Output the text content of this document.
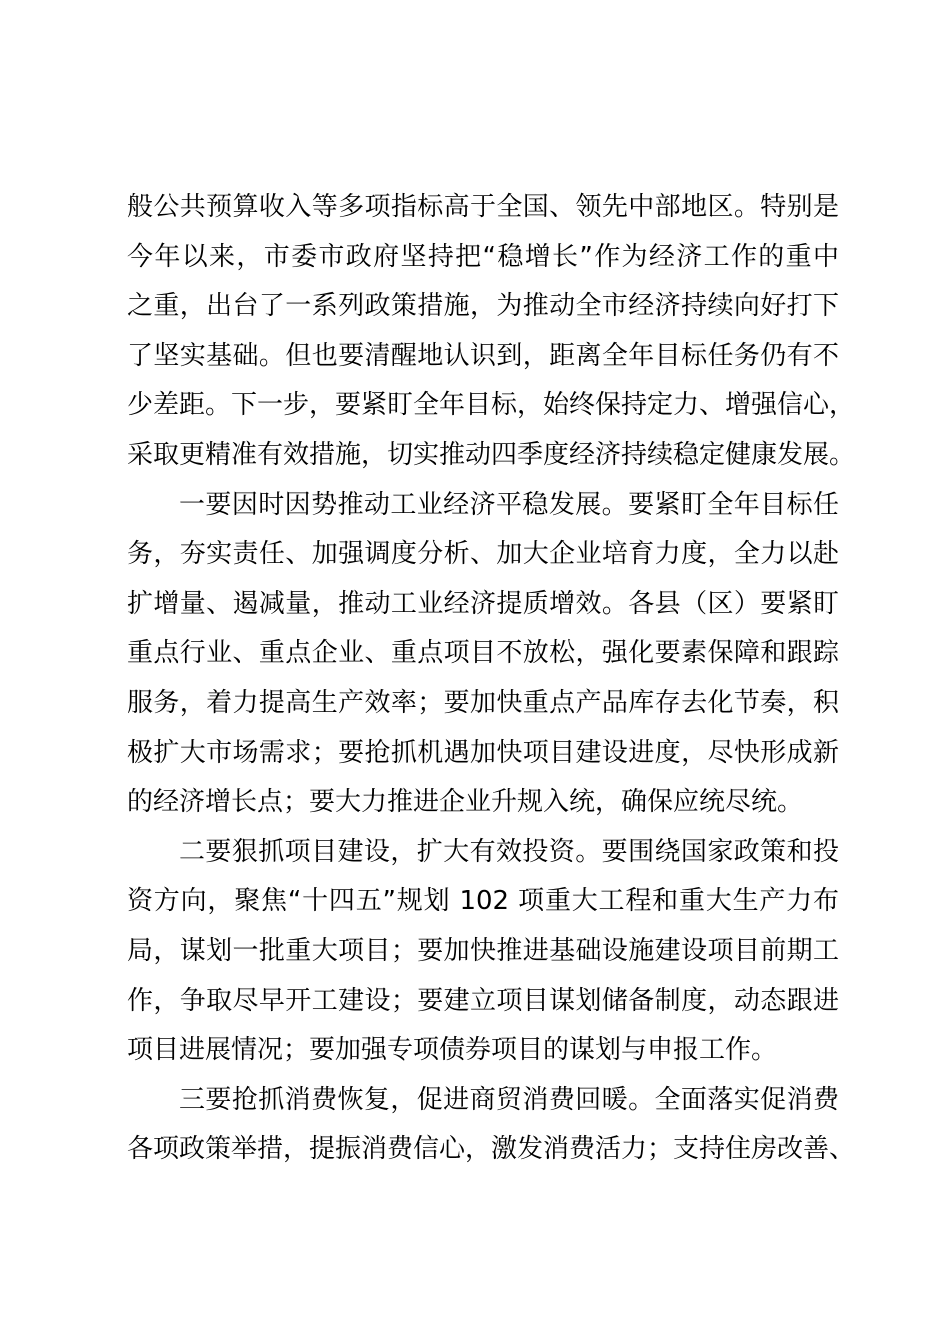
般公共预算收入等多项指标高于全国、领先中部地区。特别是
今年以来，市委市政府坚持把“稳增长”作为经济工作的重中
之重，出台了一系列政策措施，为推动全市经济持续向好打下
了坚实基础。但也要清醒地认识到，距离全年目标任务仍有不
少差距。下一步，要紧盯全年目标，始终保持定力、增强信心，
采取更精准有效措施，切实推动四季度经济持续稳定健康发展。
一要因时因势推动工业经济平稳发展。要紧盯全年目标任
务，夯实责任、加强调度分析、加大企业培育力度，全力以赴
扩增量、遏减量，推动工业经济提质增效。各县（区）要紧盯
重点行业、重点企业、重点项目不放松，强化要素保障和跟踪
服务，着力提高生产效率；要加快重点产品库存去化节奏，积
极扩大市场需求；要抢抓机遇加快项目建设进度，尽快形成新
的经济增长点；要大力推进企业升规入统，确保应统尽统。
二要狠抓项目建设，扩大有效投资。要围绕国家政策和投
资方向，聚焦“十四五”规划 102 项重大工程和重大生产力布
局，谋划一批重大项目；要加快推进基础设施建设项目前期工
作，争取尽早开工建设；要建立项目谋划储备制度，动态跟进
项目进展情况；要加强专项债券项目的谋划与申报工作。
三要抢抓消费恢复，促进商贸消费回暖。全面落实促消费
各项政策举措，提振消费信心，激发消费活力；支持住房改善、
